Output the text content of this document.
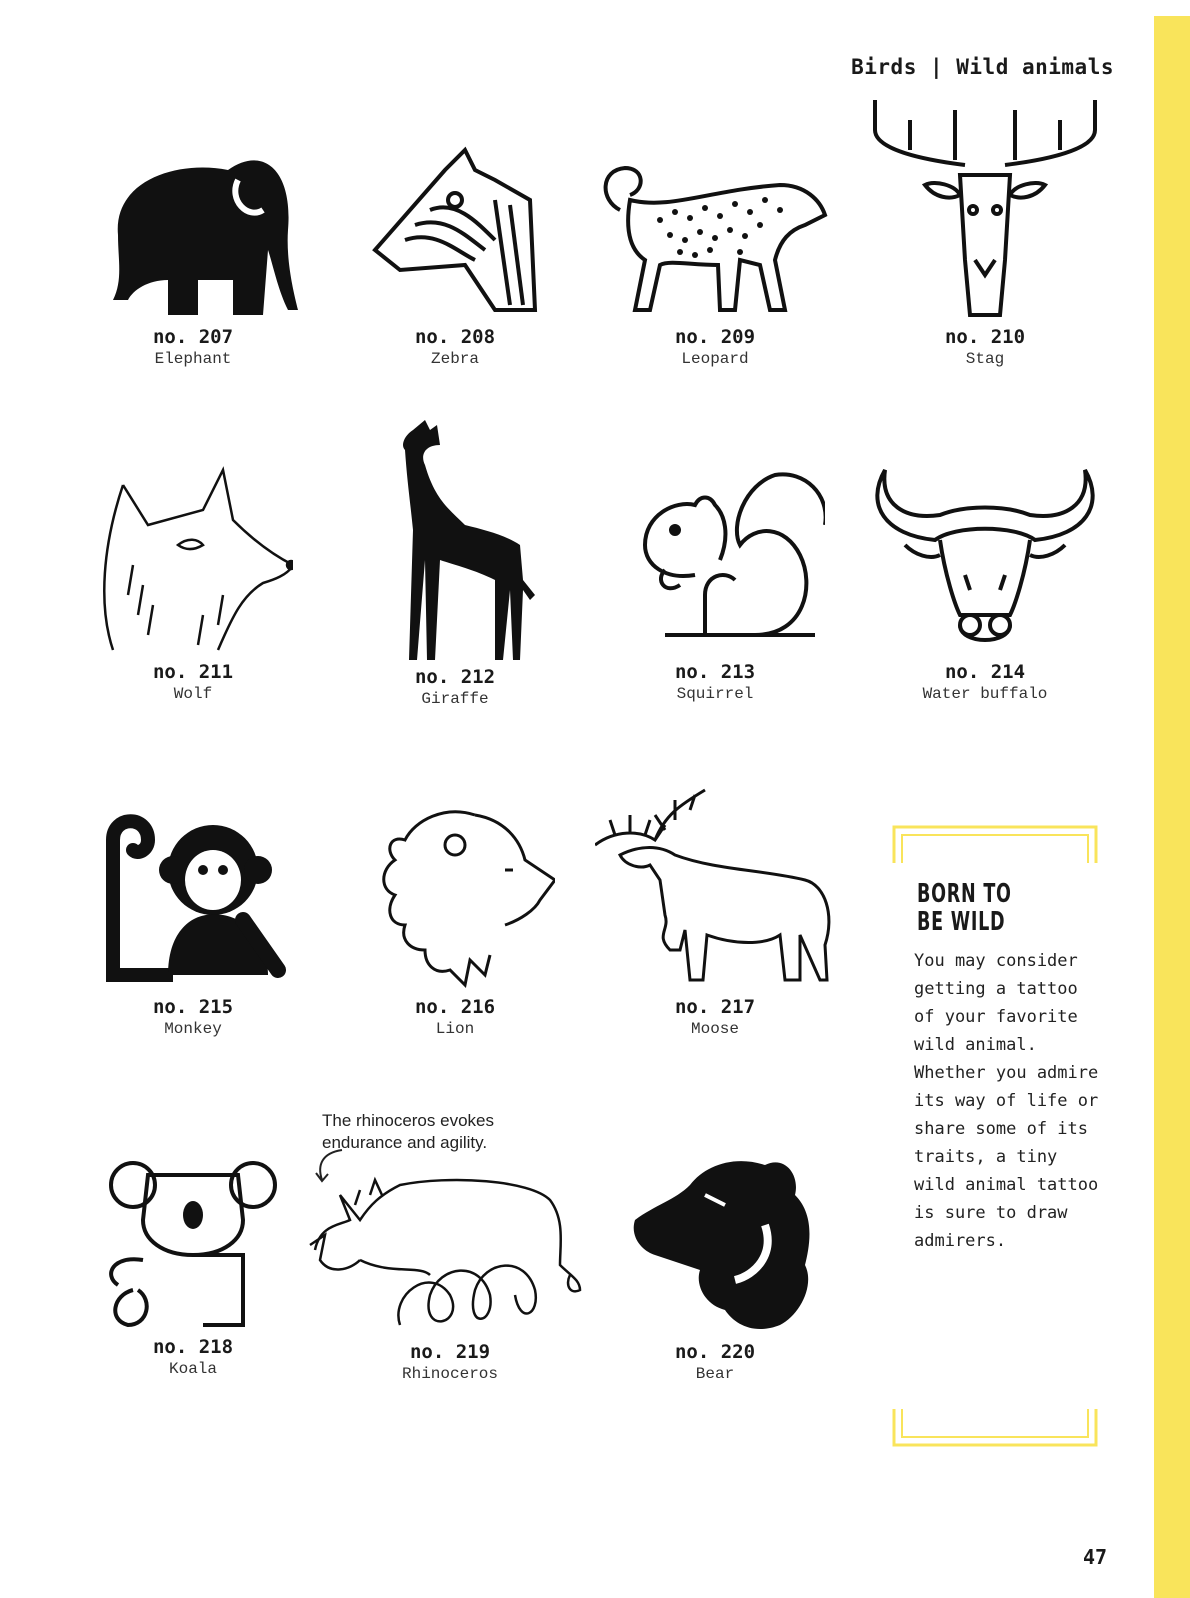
Birds | Wild animals
no. 207
Elephant
no. 208
Zebra
no. 209
Leopard
no. 210
Stag
no. 211
Wolf
no. 212
Giraffe
no. 213
Squirrel
no. 214
Water buffalo
no. 215
Monkey
no. 216
Lion
no. 217
Moose
no. 218
Koala
The rhinoceros evokes endurance and agility.
no. 219
Rhinoceros
no. 220
Bear
BORN TO
BE WILD
You may consider getting a tattoo of your favorite wild animal. Whether you admire its way of life or share some of its traits, a tiny wild animal tattoo is sure to draw admirers.
47
